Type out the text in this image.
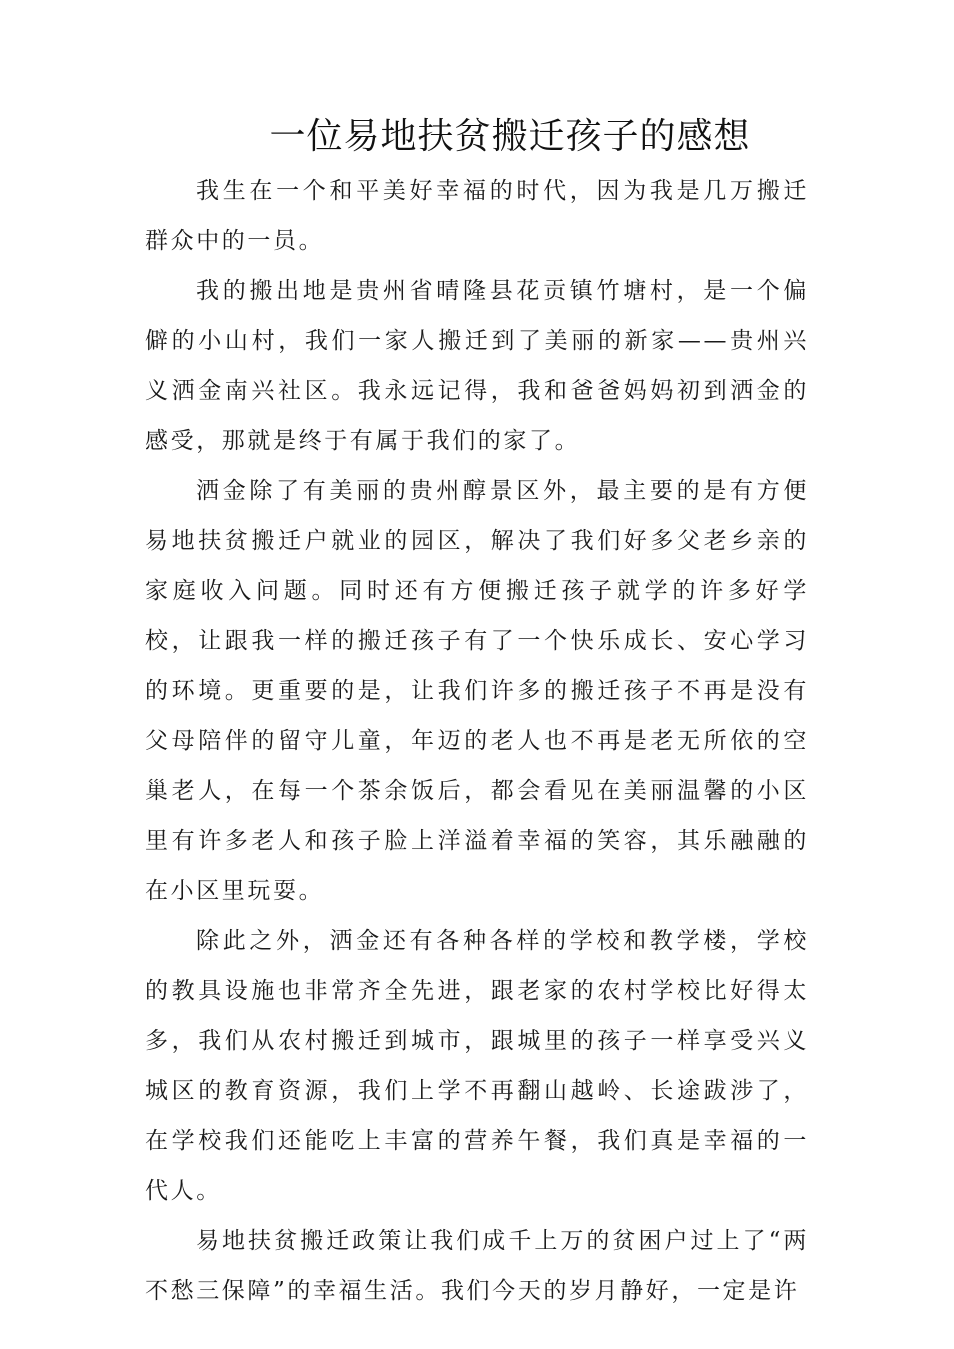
一位易地扶贫搬迁孩子的感想

我生在一个和平美好幸福的时代，因为我是几万搬迁群众中的一员。

我的搬出地是贵州省晴隆县花贡镇竹塘村，是一个偏僻的小山村，我们一家人搬迁到了美丽的新家——贵州兴义洒金南兴社区。我永远记得，我和爸爸妈妈初到洒金的感受，那就是终于有属于我们的家了。

洒金除了有美丽的贵州醇景区外，最主要的是有方便易地扶贫搬迁户就业的园区，解决了我们好多父老乡亲的家庭收入问题。同时还有方便搬迁孩子就学的许多好学校，让跟我一样的搬迁孩子有了一个快乐成长、安心学习的环境。更重要的是，让我们许多的搬迁孩子不再是没有父母陪伴的留守儿童，年迈的老人也不再是老无所依的空巢老人，在每一个茶余饭后，都会看见在美丽温馨的小区里有许多老人和孩子脸上洋溢着幸福的笑容，其乐融融的在小区里玩耍。

除此之外，洒金还有各种各样的学校和教学楼，学校的教具设施也非常齐全先进，跟老家的农村学校比好得太多，我们从农村搬迁到城市，跟城里的孩子一样享受兴义城区的教育资源，我们上学不再翻山越岭、长途跋涉了，在学校我们还能吃上丰富的营养午餐，我们真是幸福的一代人。

易地扶贫搬迁政策让我们成千上万的贫困户过上了“两不愁三保障”的幸福生活。我们今天的岁月静好，一定是许
